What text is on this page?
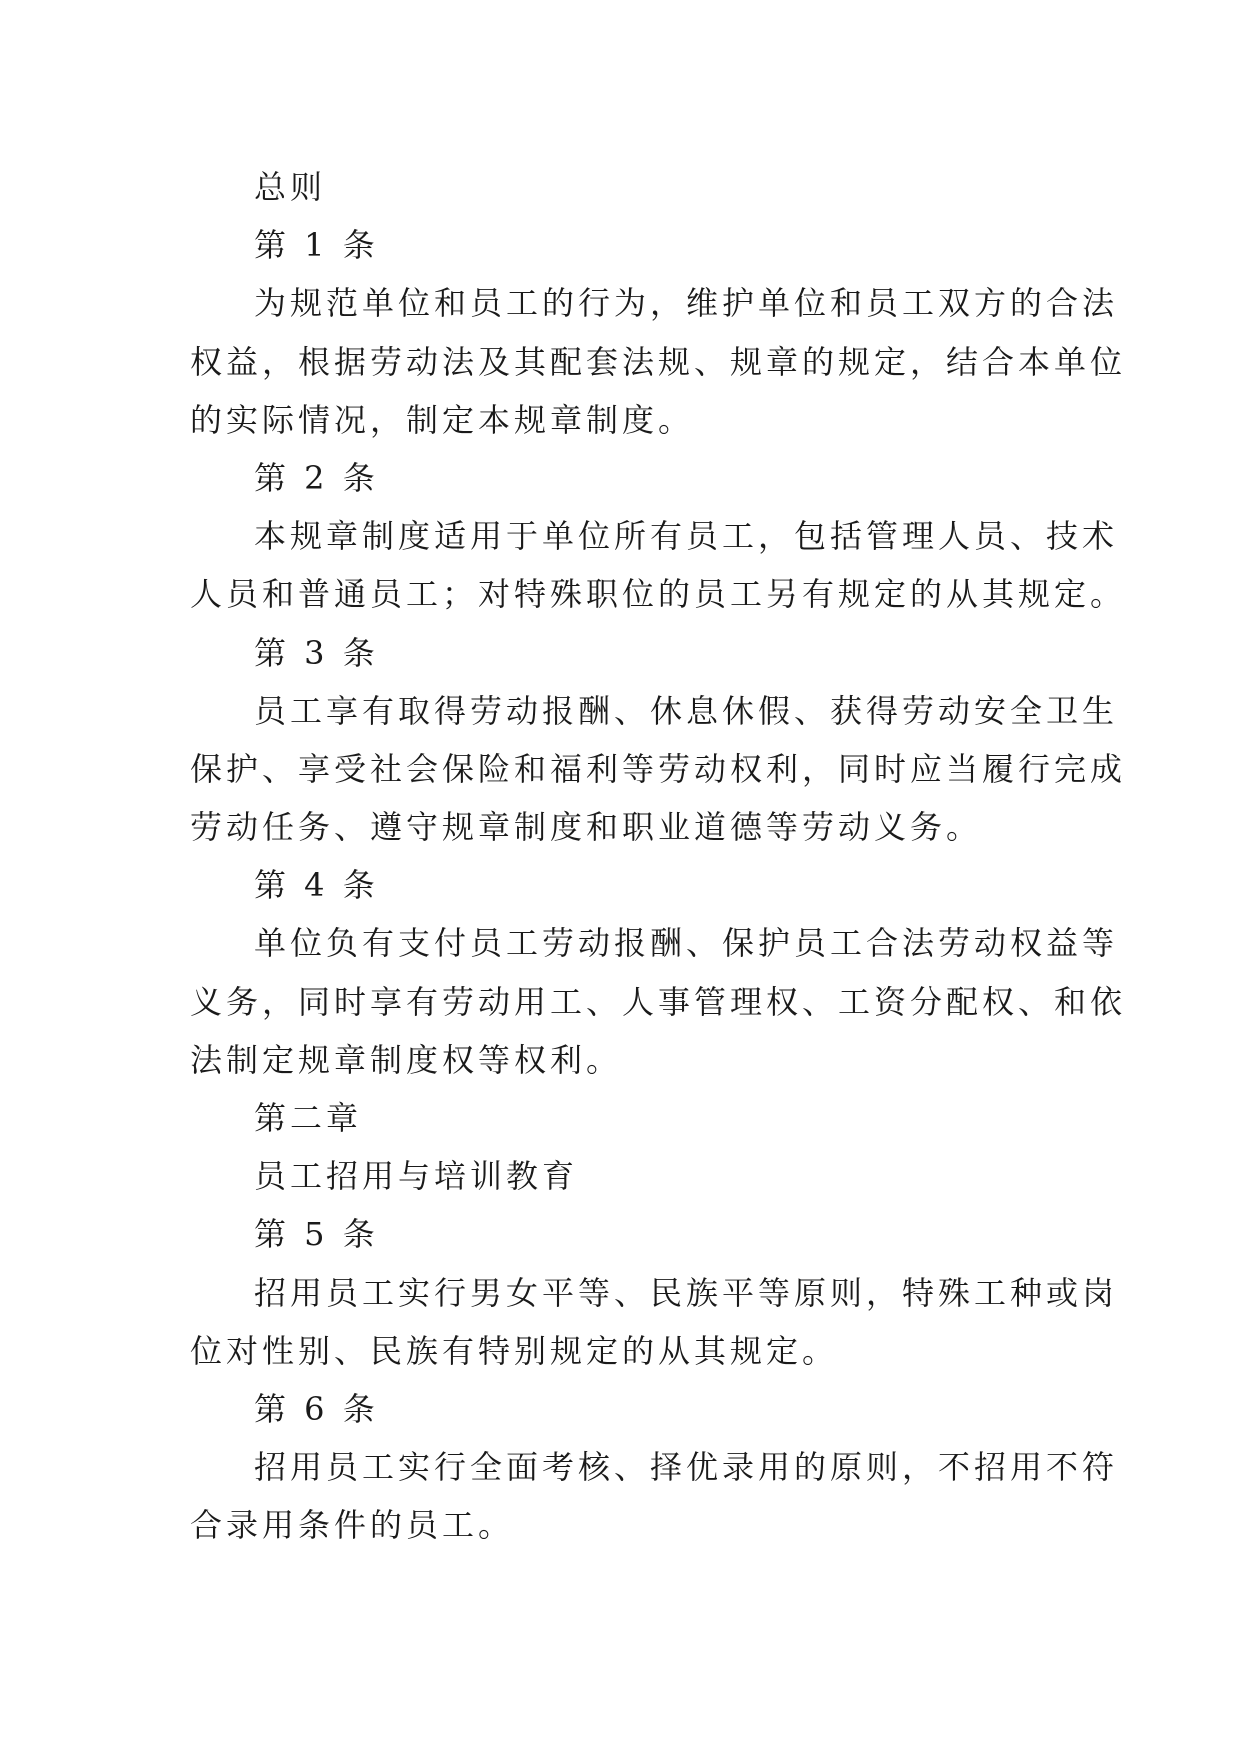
总则
第 1 条
为规范单位和员工的行为，维护单位和员工双方的合法
权益，根据劳动法及其配套法规、规章的规定，结合本单位
的实际情况，制定本规章制度。
第 2 条
本规章制度适用于单位所有员工，包括管理人员、技术
人员和普通员工；对特殊职位的员工另有规定的从其规定。
第 3 条
员工享有取得劳动报酬、休息休假、获得劳动安全卫生
保护、享受社会保险和福利等劳动权利，同时应当履行完成
劳动任务、遵守规章制度和职业道德等劳动义务。
第 4 条
单位负有支付员工劳动报酬、保护员工合法劳动权益等
义务，同时享有劳动用工、人事管理权、工资分配权、和依
法制定规章制度权等权利。
第二章
员工招用与培训教育
第 5 条
招用员工实行男女平等、民族平等原则，特殊工种或岗
位对性别、民族有特别规定的从其规定。
第 6 条
招用员工实行全面考核、择优录用的原则，不招用不符
合录用条件的员工。
